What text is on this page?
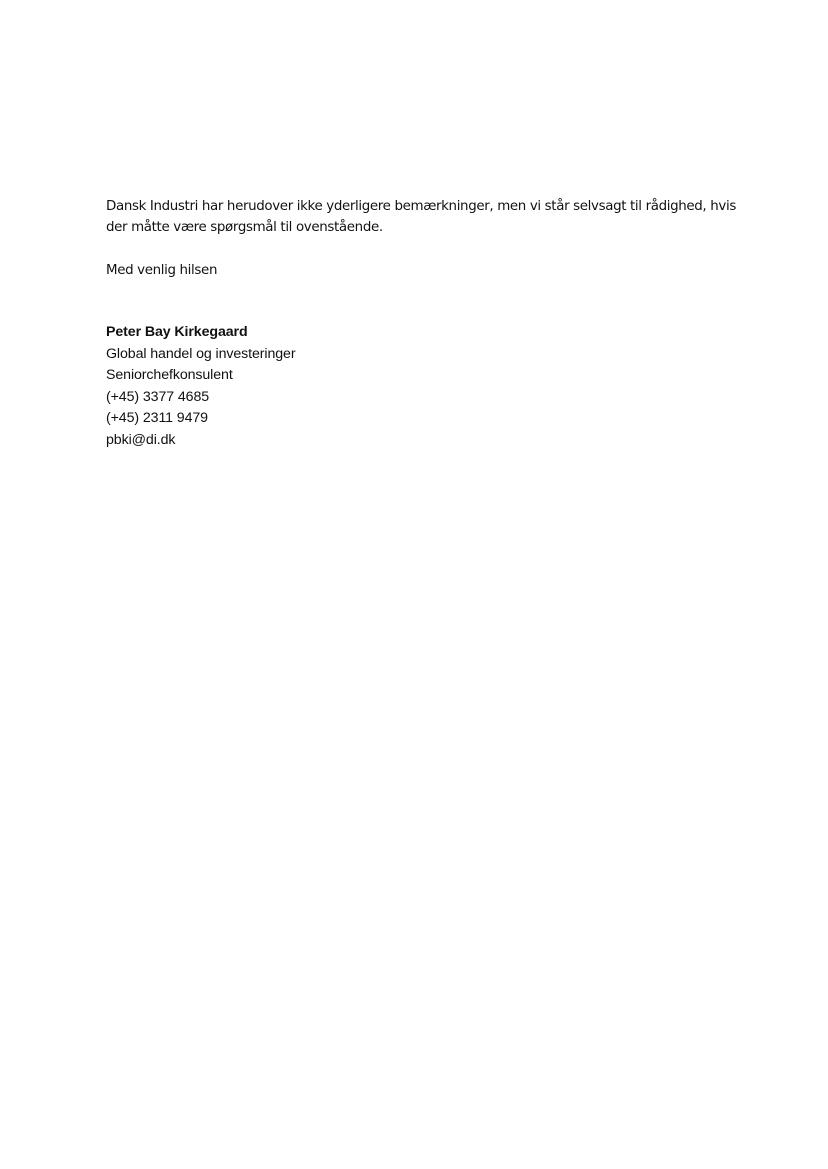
Dansk Industri har herudover ikke yderligere bemærkninger, men vi står selvsagt til rådighed, hvis der måtte være spørgsmål til ovenstående.

Med venlig hilsen
Peter Bay Kirkegaard
Global handel og investeringer
Seniorchefkonsulent
(+45) 3377 4685
(+45) 2311 9479
pbki@di.dk
